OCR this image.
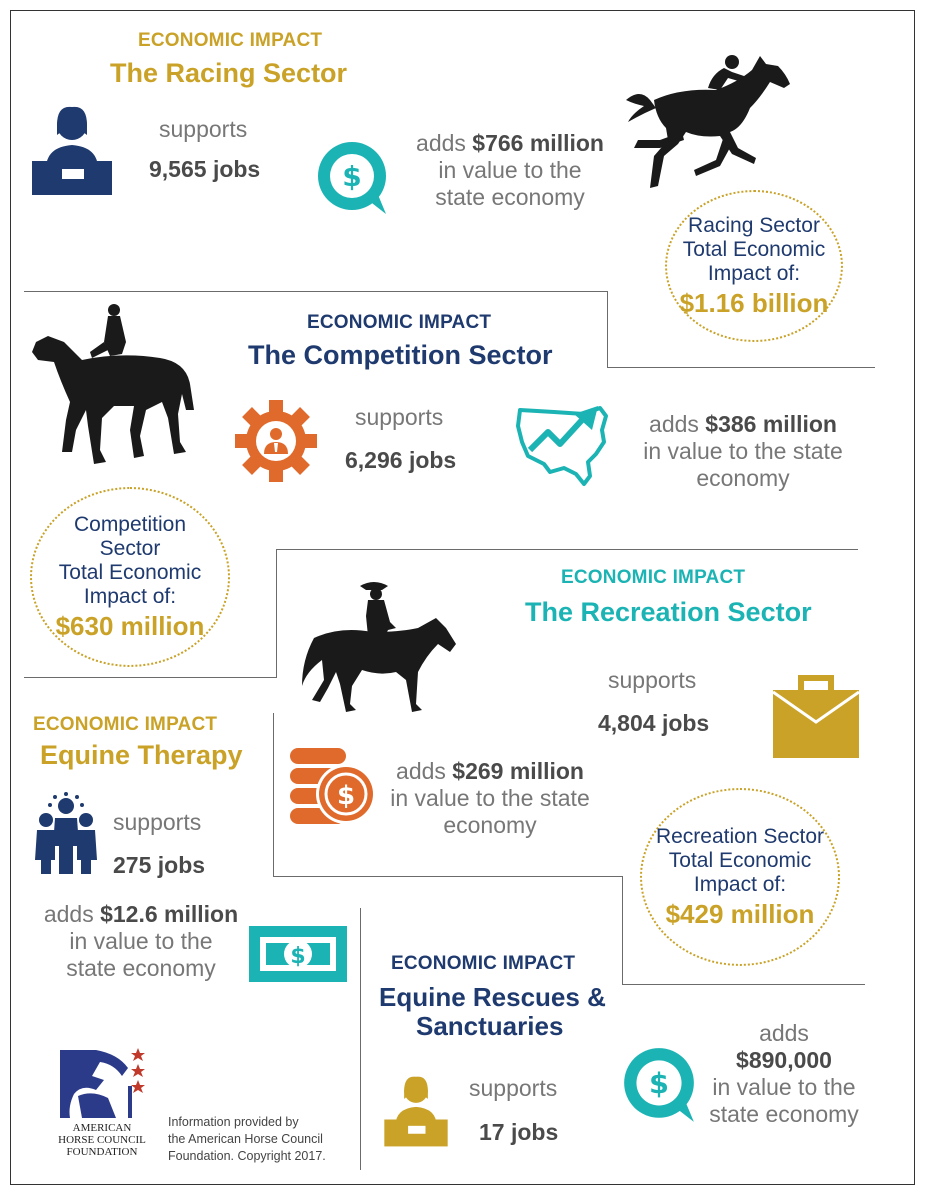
ECONOMIC IMPACT
The Racing Sector
supports
9,565 jobs	$
adds $766 million
in value to the
state economy
Racing Sector
Total Economic
Impact of:
$1.16 billion
ECONOMIC IMPACT
The Competition Sector
supports
6,296 jobs
adds $386 million
in value to the state
economy
Competition
Sector
Total Economic
Impact of:
$630 million
ECONOMIC IMPACT
The Recreation Sector
supports
4,804 jobs
$
adds $269 million
in value to the state
economy	Recreation Sector
Total Economic
Impact of:
$429 million
ECONOMIC IMPACT
Equine Therapy
supports
275 jobs
adds $12.6 million
in value to the
state economy	$	ECONOMIC IMPACT
Equine Rescues &
Sanctuaries
supports
17 jobs
$
adds
$890,000
in value to the
state economy
AMERICAN
HORSE COUNCIL
FOUNDATION
Information provided by
the American Horse Council
Foundation. Copyright 2017.
